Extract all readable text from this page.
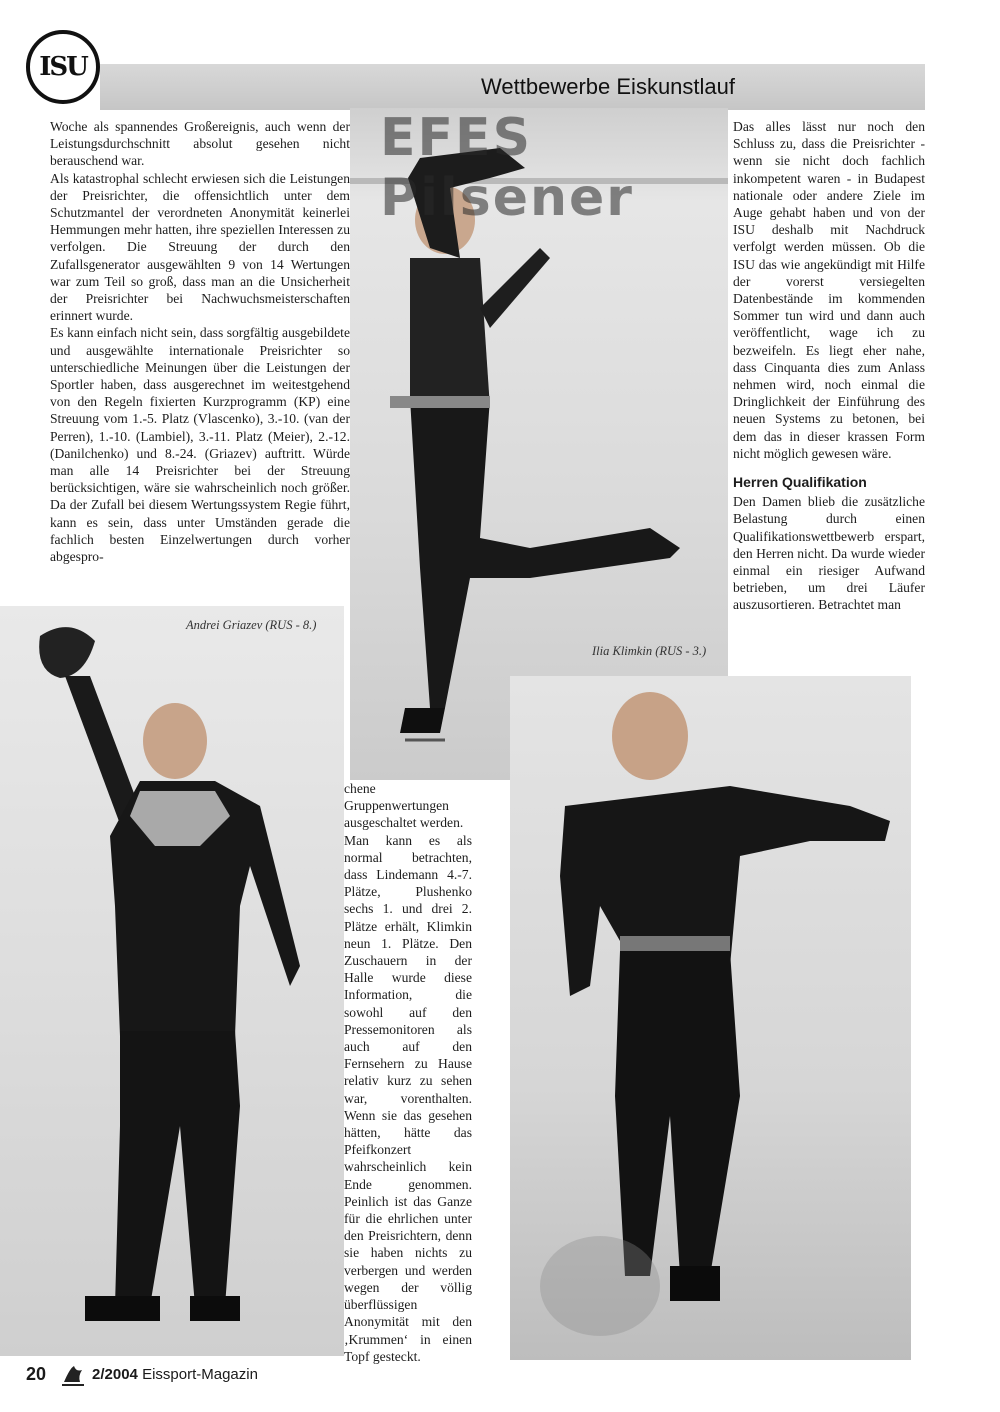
ISU
Wettbewerbe Eiskunstlauf
EFES Pilsener
Andrei Griazev (RUS - 8.)
Ilia Klimkin (RUS - 3.)

Woche als spannendes Großereignis, auch wenn der Leistungsdurchschnitt absolut gesehen nicht berauschend war.

Als katastrophal schlecht erwiesen sich die Leistungen der Preisrichter, die offensichtlich unter dem Schutzmantel der verordneten Anonymität keinerlei Hemmungen mehr hatten, ihre speziellen Interessen zu verfolgen. Die Streuung der durch den Zufallsgenerator ausgewählten 9 von 14 Wertungen war zum Teil so groß, dass man an die Unsicherheit der Preisrichter bei Nachwuchsmeisterschaften erinnert wurde.

Es kann einfach nicht sein, dass sorgfältig ausgebildete und ausgewählte internationale Preisrichter so unterschiedliche Meinungen über die Leistungen der Sportler haben, dass ausgerechnet im weitestgehend von den Regeln fixierten Kurzprogramm (KP) eine Streuung vom 1.-5. Platz (Vlascenko), 3.-10. (van der Perren), 1.-10. (Lambiel), 3.-11. Platz (Meier), 2.-12. (Danilchenko) und 8.-24. (Griazev) auftritt. Würde man alle 14 Preisrichter bei der Streuung berücksichtigen, wäre sie wahrscheinlich noch größer. Da der Zufall bei diesem Wertungssystem Regie führt, kann es sein, dass unter Umständen gerade die fachlich besten Einzelwertungen durch vorher abgespro-

chene Gruppenwertungen ausgeschaltet werden.

Man kann es als normal betrachten, dass Lindemann 4.-7. Plätze, Plushenko sechs 1. und drei 2. Plätze erhält, Klimkin neun 1. Plätze. Den Zuschauern in der Halle wurde diese Information, die sowohl auf den Pressemonitoren als auch auf den Fernsehern zu Hause relativ kurz zu sehen war, vorenthalten. Wenn sie das gesehen hätten, hätte das Pfeifkonzert wahrscheinlich kein Ende genommen. Peinlich ist das Ganze für die ehrlichen unter den Preisrichtern, denn sie haben nichts zu verbergen und werden wegen der völlig überflüssigen Anonymität mit den ‚Krummen‘ in einen Topf gesteckt.

Das alles lässt nur noch den Schluss zu, dass die Preisrichter - wenn sie nicht doch fachlich inkompetent waren - in Budapest nationale oder andere Ziele im Auge gehabt haben und von der ISU deshalb mit Nachdruck verfolgt werden müssen. Ob die ISU das wie angekündigt mit Hilfe der vorerst versiegelten Datenbestände im kommenden Sommer tun wird und dann auch veröffentlicht, wage ich zu bezweifeln. Es liegt eher nahe, dass Cinquanta dies zum Anlass nehmen wird, noch einmal die Dringlichkeit der Einführung des neuen Systems zu betonen, bei dem das in dieser krassen Form nicht möglich gewesen wäre.

Herren Qualifikation

Den Damen blieb die zusätzliche Belastung durch einen Qualifikationswettbewerb erspart, den Herren nicht. Da wurde wieder einmal ein riesiger Aufwand betrieben, um drei Läufer auszusortieren. Betrachtet man

20	2/2004 Eissport-Magazin
